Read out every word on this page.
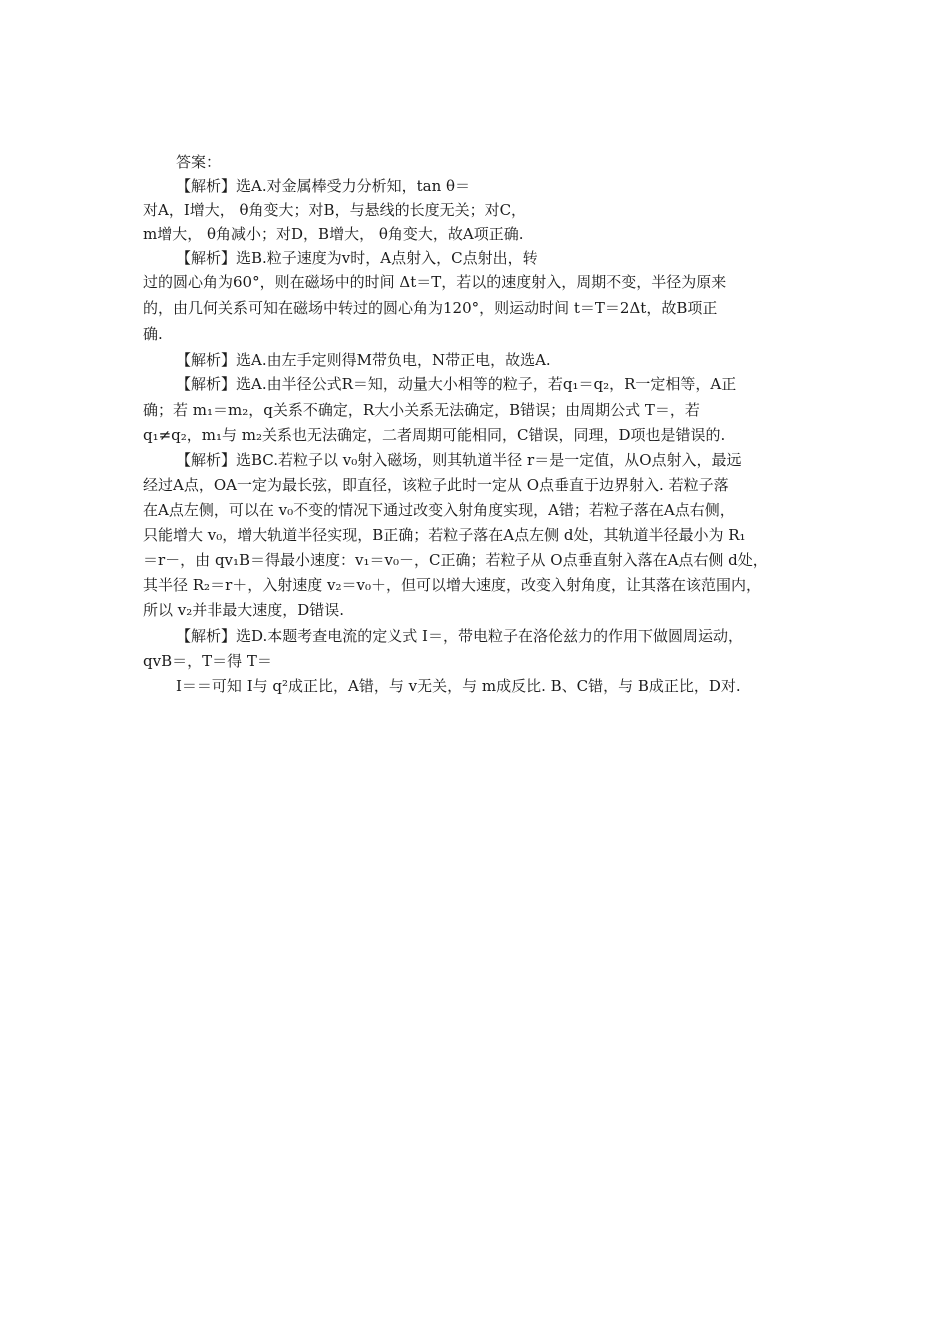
答案：
【解析】选A.对金属棒受力分析知，tan θ＝
对A，I增大， θ角变大；对B，与悬线的长度无关；对C，
m增大， θ角减小；对D，B增大， θ角变大，故A项正确.
【解析】选B.粒子速度为v时，A点射入，C点射出，转
过的圆心角为60°，则在磁场中的时间 Δt＝T，若以的速度射入，周期不变，半径为原来
的，由几何关系可知在磁场中转过的圆心角为120°，则运动时间 t＝T＝2Δt，故B项正
确.
【解析】选A.由左手定则得M带负电，N带正电，故选A.
【解析】选A.由半径公式R＝知，动量大小相等的粒子，若q₁＝q₂，R一定相等，A正
确；若 m₁＝m₂，q关系不确定，R大小关系无法确定，B错误；由周期公式 T＝，若
q₁≠q₂，m₁与 m₂关系也无法确定，二者周期可能相同，C错误，同理，D项也是错误的.
【解析】选BC.若粒子以 v₀射入磁场，则其轨道半径 r＝是一定值，从O点射入，最远
经过A点，OA一定为最长弦，即直径，该粒子此时一定从 O点垂直于边界射入. 若粒子落
在A点左侧，可以在 v₀不变的情况下通过改变入射角度实现，A错；若粒子落在A点右侧，
只能增大 v₀，增大轨道半径实现，B正确；若粒子落在A点左侧 d处，其轨道半径最小为 R₁
＝r－，由 qv₁B＝得最小速度：v₁＝v₀－，C正确；若粒子从 O点垂直射入落在A点右侧 d处，
其半径 R₂＝r＋，入射速度 v₂＝v₀＋，但可以增大速度，改变入射角度，让其落在该范围内，
所以 v₂并非最大速度，D错误.
【解析】选D.本题考查电流的定义式 I＝，带电粒子在洛伦兹力的作用下做圆周运动，
qvB＝，T＝得 T＝
I＝＝可知 I与 q²成正比，A错，与 v无关，与 m成反比. B、C错，与 B成正比，D对.
